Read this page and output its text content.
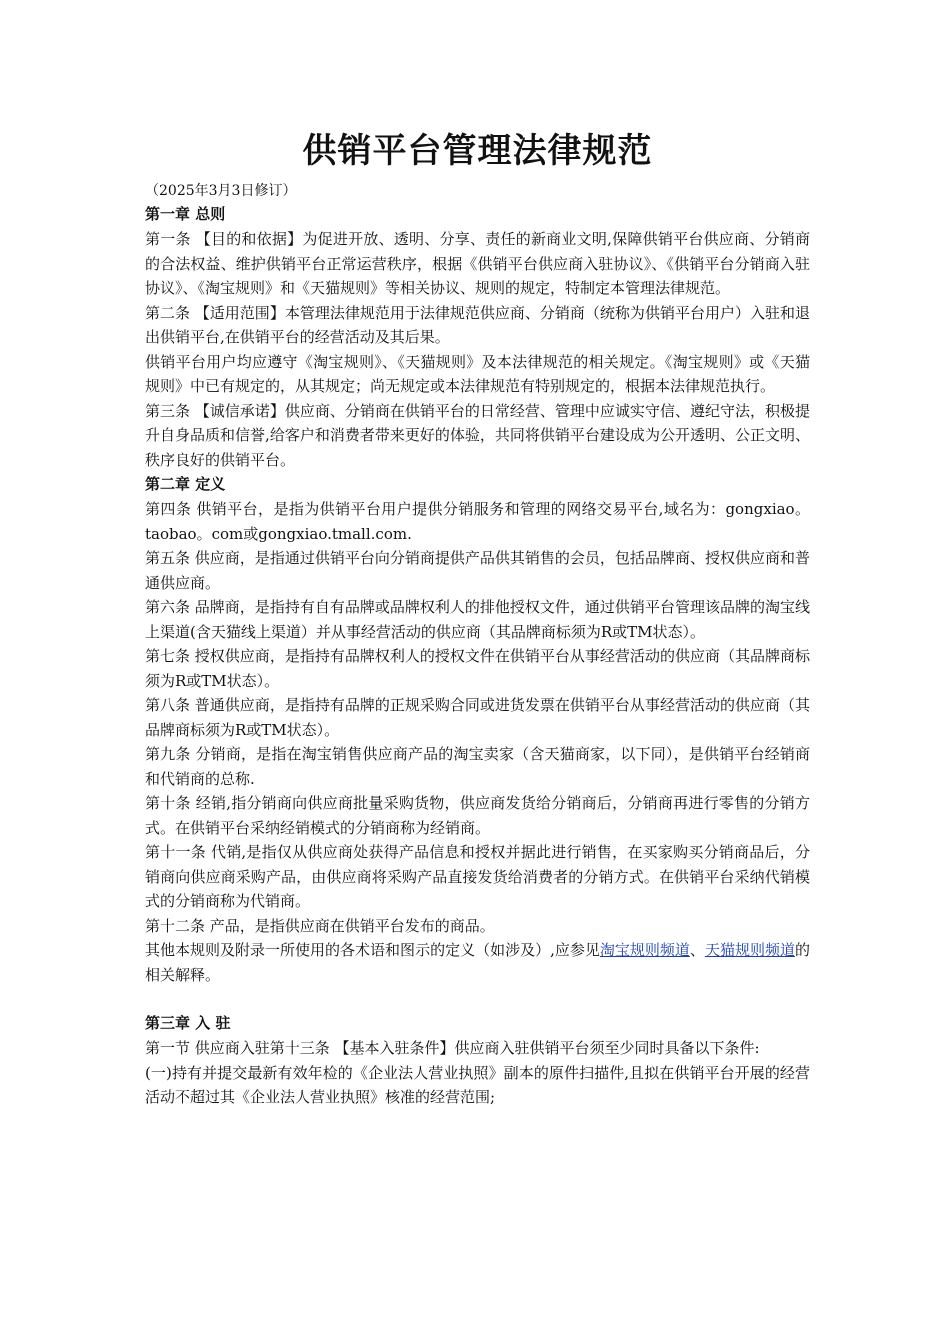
供销平台管理法律规范
（2025年3月3日修订）
第一章 总则

第一条 【目的和依据】为促进开放、透明、分享、责任的新商业文明,保障供销平台供应商、分销商的合法权益、维护供销平台正常运营秩序，根据《供销平台供应商入驻协议》、《供销平台分销商入驻协议》、《淘宝规则》和《天猫规则》等相关协议、规则的规定，特制定本管理法律规范。

第二条 【适用范围】本管理法律规范用于法律规范供应商、分销商（统称为供销平台用户）入驻和退出供销平台,在供销平台的经营活动及其后果。

供销平台用户均应遵守《淘宝规则》、《天猫规则》及本法律规范的相关规定。《淘宝规则》或《天猫规则》中已有规定的，从其规定；尚无规定或本法律规范有特别规定的，根据本法律规范执行。

第三条 【诚信承诺】供应商、分销商在供销平台的日常经营、管理中应诚实守信、遵纪守法，积极提升自身品质和信誉,给客户和消费者带来更好的体验，共同将供销平台建设成为公开透明、公正文明、秩序良好的供销平台。

第二章 定义

第四条 供销平台，是指为供销平台用户提供分销服务和管理的网络交易平台,域名为：gongxiao。taobao。com或gongxiao.tmall.com.

第五条 供应商，是指通过供销平台向分销商提供产品供其销售的会员，包括品牌商、授权供应商和普通供应商。

第六条 品牌商，是指持有自有品牌或品牌权利人的排他授权文件，通过供销平台管理该品牌的淘宝线上渠道(含天猫线上渠道）并从事经营活动的供应商（其品牌商标须为R或TM状态）。

第七条 授权供应商，是指持有品牌权利人的授权文件在供销平台从事经营活动的供应商（其品牌商标须为R或TM状态）。

第八条 普通供应商，是指持有品牌的正规采购合同或进货发票在供销平台从事经营活动的供应商（其品牌商标须为R或TM状态）。

第九条 分销商，是指在淘宝销售供应商产品的淘宝卖家（含天猫商家，以下同），是供销平台经销商和代销商的总称.

第十条 经销,指分销商向供应商批量采购货物，供应商发货给分销商后，分销商再进行零售的分销方式。在供销平台采纳经销模式的分销商称为经销商。

第十一条 代销,是指仅从供应商处获得产品信息和授权并据此进行销售，在买家购买分销商品后，分销商向供应商采购产品，由供应商将采购产品直接发货给消费者的分销方式。在供销平台采纳代销模式的分销商称为代销商。

第十二条 产品，是指供应商在供销平台发布的商品。

其他本规则及附录一所使用的各术语和图示的定义（如涉及）,应参见淘宝规则频道、天猫规则频道的相关解释。

第三章 入 驻

第一节 供应商入驻第十三条 【基本入驻条件】供应商入驻供销平台须至少同时具备以下条件:

(一)持有并提交最新有效年检的《企业法人营业执照》副本的原件扫描件,且拟在供销平台开展的经营活动不超过其《企业法人营业执照》核准的经营范围;
